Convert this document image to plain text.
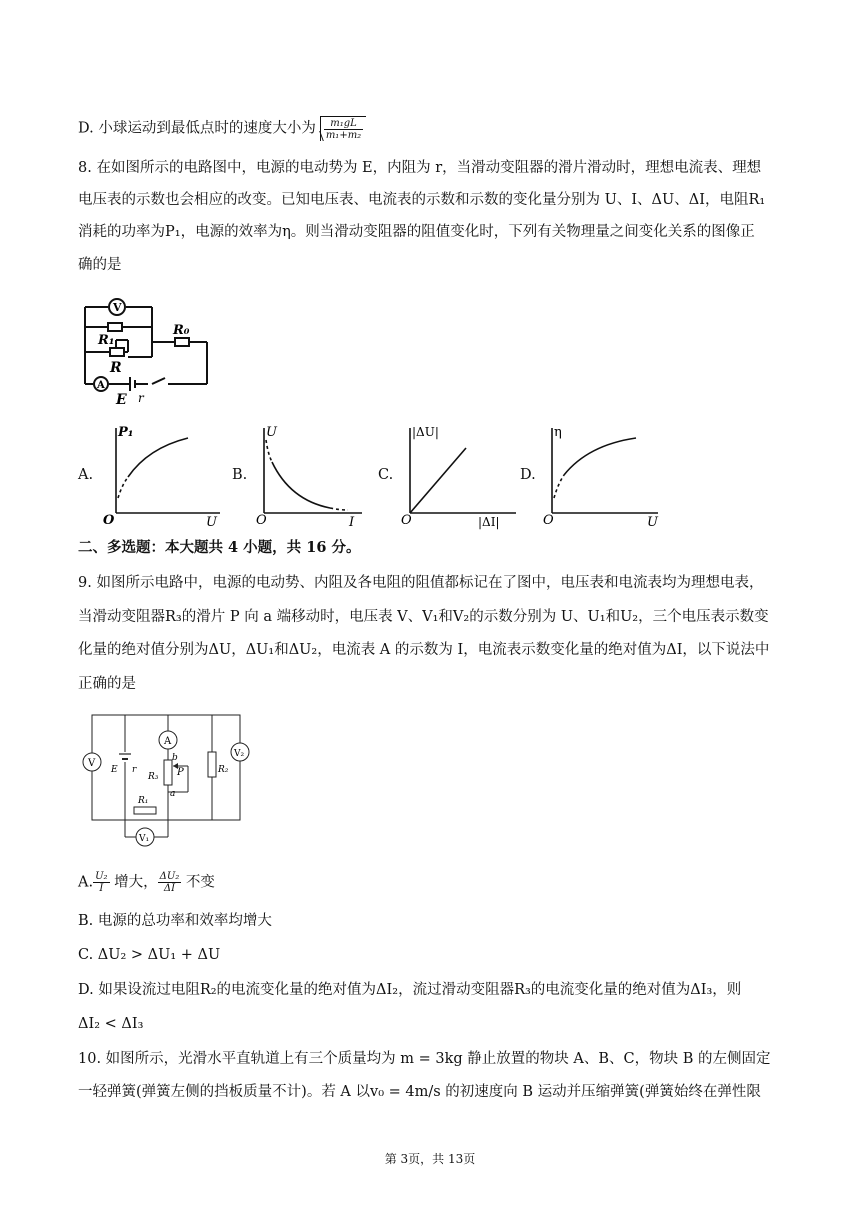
D. 小球运动到最低点时的速度大小为 $\frac{\text{m₁gL}}{\text{m₁+m₂}}$
8. 在如图所示的电路图中，电源的电动势为 E，内阻为 r，当滑动变阻器的滑片滑动时，理想电流表、理想
电压表的示数也会相应的改变。已知电压表、电流表的示数和示数的变化量分别为 U、I、ΔU、ΔI，电阻R₁
消耗的功率为P₁，电源的效率为η。则当滑动变阻器的阻值变化时，下列有关物理量之间变化关系的图像正
确的是
V
A
R₁
R₀
R
E r
A.
P₁
U
O
B.
U
I
O
C.
|ΔU|
|ΔI|
O
D.
η
U
O
二、多选题：本大题共 4 小题，共 16 分。
9. 如图所示电路中，电源的电动势、内阻及各电阻的阻值都标记在了图中，电压表和电流表均为理想电表，
当滑动变阻器R₃的滑片 P 向 a 端移动时，电压表 V、V₁和V₂的示数分别为 U、U₁和U₂，三个电压表示数变
化量的绝对值分别为ΔU，ΔU₁和ΔU₂，电流表 A 的示数为 I，电流表示数变化量的绝对值为ΔI，以下说法中
正确的是
V
A
V₂
V₁
E r
b
R₃ P	R₂
a
R₁
A. $\frac{\text{U₂}}{I}$ 增大， $\frac{\text{ΔU₂}}{\Delta I}$ 不变
B. 电源的总功率和效率均增大
C. ΔU₂ > ΔU₁ + ΔU
D. 如果设流过电阻R₂的电流变化量的绝对值为ΔI₂，流过滑动变阻器R₃的电流变化量的绝对值为ΔI₃，则
ΔI₂ < ΔI₃
10. 如图所示，光滑水平直轨道上有三个质量均为 m = 3kg 静止放置的物块 A、B、C，物块 B 的左侧固定
一轻弹簧(弹簧左侧的挡板质量不计)。若 A 以v₀ = 4m/s 的初速度向 B 运动并压缩弹簧(弹簧始终在弹性限
第 3页，共 13页
